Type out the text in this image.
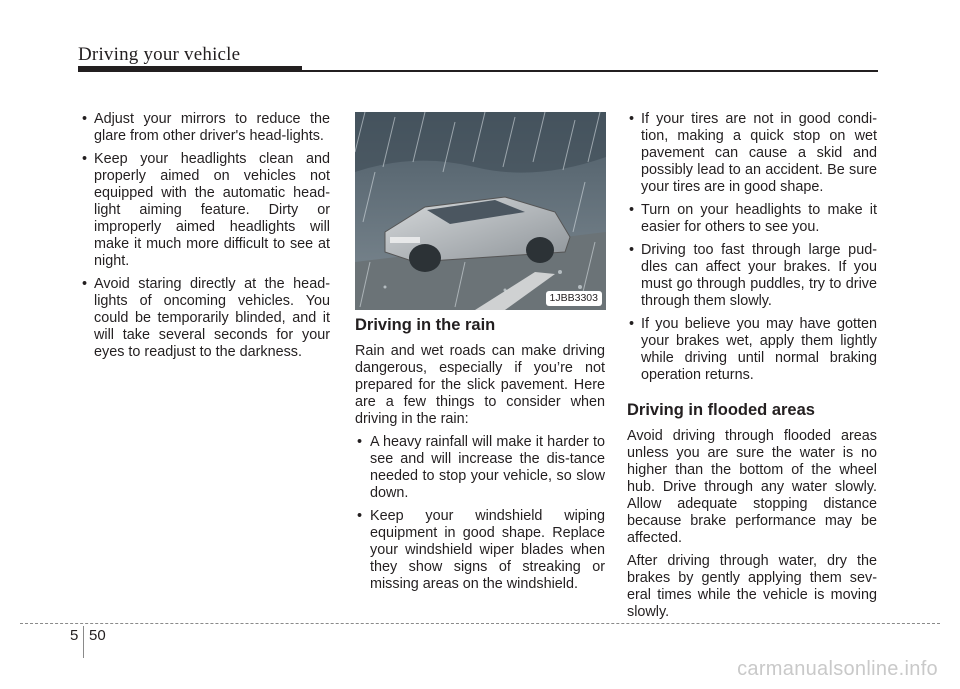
Driving your vehicle
• Adjust your mirrors to reduce the glare from other driver's head-lights.
• Keep your headlights clean and properly aimed on vehicles not equipped with the automatic head-light aiming feature. Dirty or improperly aimed headlights will make it much more difficult to see at night.
• Avoid staring directly at the head-lights of oncoming vehicles. You could be temporarily blinded, and it will take several seconds for your eyes to readjust to the darkness.
1JBB3303
Driving in the rain

Rain and wet roads can make driving dangerous, especially if you’re not prepared for the slick pavement. Here are a few things to consider when driving in the rain:

• A heavy rainfall will make it harder to see and will increase the dis-tance needed to stop your vehicle, so slow down.
• Keep your windshield wiping equipment in good shape. Replace your windshield wiper blades when they show signs of streaking or missing areas on the windshield.
• If your tires are not in good condi-tion, making a quick stop on wet pavement can cause a skid and possibly lead to an accident. Be sure your tires are in good shape.
• Turn on your headlights to make it easier for others to see you.
• Driving too fast through large pud-dles can affect your brakes. If you must go through puddles, try to drive through them slowly.
• If you believe you may have gotten your brakes wet, apply them lightly while driving until normal braking operation returns.
Driving in flooded areas

Avoid driving through flooded areas unless you are sure the water is no higher than the bottom of the wheel hub. Drive through any water slowly. Allow adequate stopping distance because brake performance may be affected.

After driving through water, dry the brakes by gently applying them sev-eral times while the vehicle is moving slowly.

5 50
carmanualsonline.info
